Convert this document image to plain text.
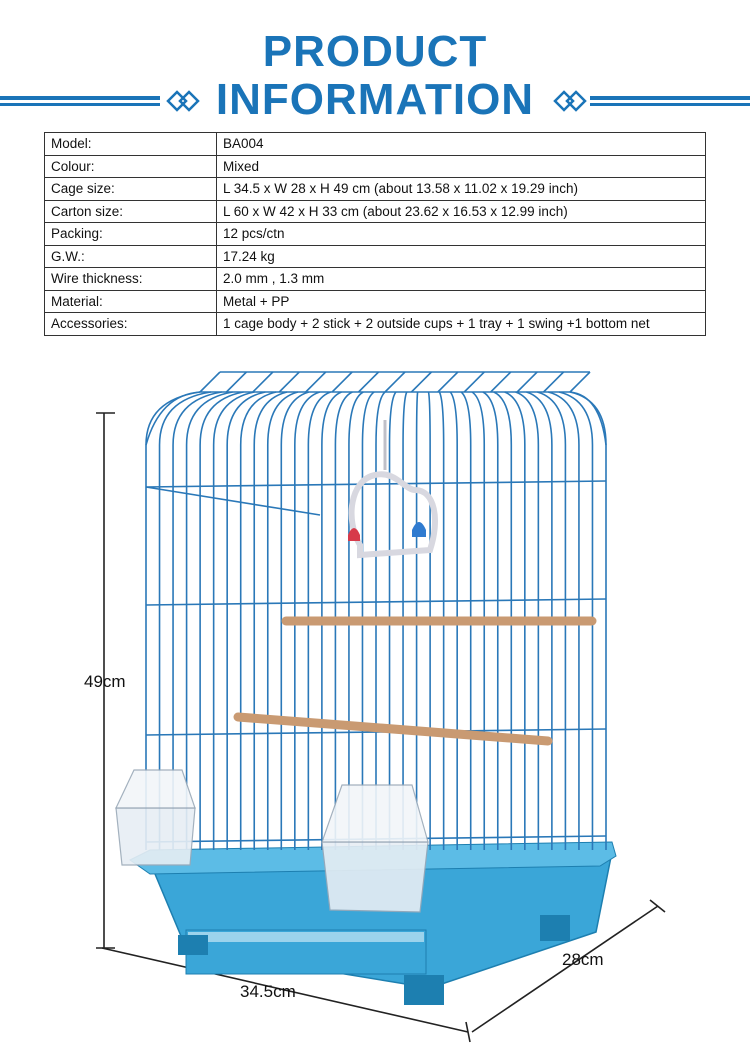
PRODUCT
INFORMATION
Model:	BA004
Colour:	Mixed
Cage size:	L 34.5 x W 28 x H 49 cm (about 13.58 x 11.02 x 19.29 inch)
Carton size:	L 60 x W 42 x H 33 cm (about 23.62 x 16.53 x 12.99 inch)
Packing:	12 pcs/ctn
G.W.:	17.24 kg
Wire thickness:	2.0 mm , 1.3 mm
Material:	Metal + PP
Accessories:	1 cage body + 2 stick + 2 outside cups + 1 tray + 1 swing +1 bottom net
49cm
34.5cm
28cm
